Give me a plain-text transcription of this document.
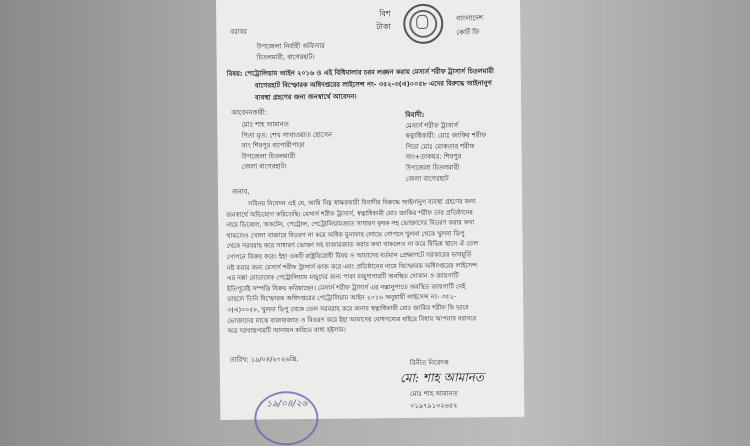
বিশ
টাকা
বাংলাদেশ
কোর্ট ফি
বরাবর
উপজেলা নির্বাহী অফিসার
চিতলমারী, বাগেরহাট।
বিষয়: পেট্রোলিয়াম আইন ২০১৬ ও এই বিধিমালার চরম লঙ্ঘন করায় মেসার্স শরীফ ট্রাসার্স চিতলমারী
বাগেরহাট বিস্ফোরক অধিদপ্তরের লাইসেন্স নং- ৩৫২-৩(এ)০০৫৮ এদের বিরুদ্ধে আইনানুগ
ব্যবস্থা গ্রহণের জন্য জনস্বার্থে আবেদন।
আবেদনকারী:
মোঃ শাহ আমানত
পিতা মৃত: শেখ সাখাওয়াত হোসেন
সাং শিবপুর ব্যাপারীপাড়া
উপজেলা চিতলমারী
জেলা বাগেরহাট।
বিবাদী:
মেসার্স শরীফ ট্রাসার্স
স্বত্বাধিকারী: মোঃ জাকির শরীফ
পিতা মোঃ মোকতার শরীফ
সাং+ডাকঘর: শিবপুর
উপজেলা চিতলমারী
জেলা বাগেরহাট
জনাব,
সবিনয় নিবেদন এই যে, আমি নিম্ন স্বাক্ষরকারী বিবাদীর বিরুদ্ধে আইনানুগ ব্যবস্থা গ্রহণের জন্য
জনস্বার্থে অভিযোগ করিতেছি। মেসার্স শরীফ ট্রাসার্স, স্বত্বাধিকারী মোঃ জাকির শরীফ তার প্রতিষ্ঠানের
নামে ডিজেল, অকটেন, পেট্রোল, পেট্রোলিয়ামজাত সাধারণ কৃষক সহ ভোক্তাদের বিতরণ করার কথা
থাকলেও খোলা বাজারে বিতরণ না করে অধিক মুনাফার লোভে গোপনে খুলনা থেকে খুলনা ডিপু
থেকে সরবরাহ করে সাধারণ ভোক্তা সহ বাজারজাত করার কথা থাকলেও না করে বিভিন্ন স্থানে ঐ তেল
গোপনে বিক্রয় করে। ইহা একটি রাষ্ট্রবিরোধী বিষয় ও আমাদের বর্তমান প্রেক্ষাপটে সরকারের ভাবমূর্তি
নষ্ট করার জন্য মেসার্স শরীফ ট্রাসার্স কাজ করে এবং প্রতিষ্ঠানের নামে বিস্ফোরক অধিদপ্তরের লাইসেন্স
এর নক্সা মোতাবেক পেট্রোলিয়াম মজুদের জন্য পাকা মজুদাগারটি অবস্থিত দোকান ও জায়গাটি
ইতিপূর্বেই সম্পত্তি বিক্রয় করিয়াছেন। মেসার্স শরীফ ট্রাসার্স এর নক্সানুপাতে অবস্থিত জায়গাটি নেই
তাহলে তিনি বিস্ফোরক অধিদপ্তরের পেট্রোলিয়াম আইন ২০১৬ অনুযায়ী লাইসেন্স নং- ৩৫২-
৩(এ)০০৫৮, খুলনা ডিপু থেকে তেল সরবরাহ করে জনাব স্বত্বাধিকারী মোঃ জাকির শরীফ কি ভাবে
ভোক্তাদের মাঝে বাজারজাত ও বিতরণ করে ইহা আমাদের বোধগম্যের বাইরে বিধায় আপনার বরাবরে
অত্র দরখাস্তপত্রটি আনায়ন করিতে বাধ্য হইলাম।
তারিখ: ১৯/০৪/২০২৬খ্রি.	বিনীত নিবেদক
মো: শাহ আমানত
মোঃ শাহ আমানত
০১৯৭৯১৩২৬৫২
১৯/০৪/২৬
